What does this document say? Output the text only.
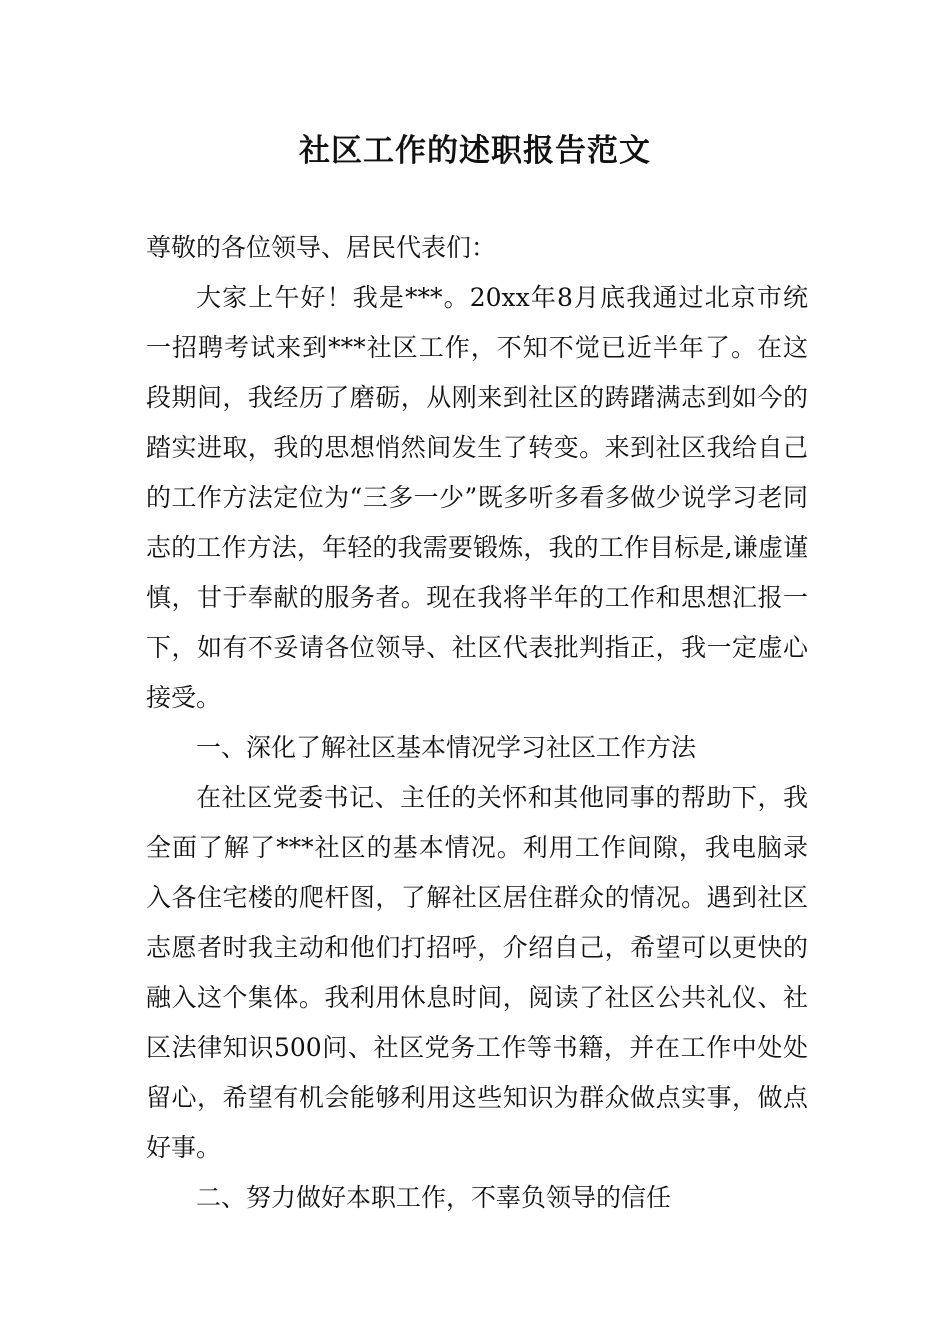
社区工作的述职报告范文

尊敬的各位领导、居民代表们：

大家上午好！我是***。20xx年8月底我通过北京市统一招聘考试来到***社区工作，不知不觉已近半年了。在这段期间，我经历了磨砺，从刚来到社区的踌躇满志到如今的踏实进取，我的思想悄然间发生了转变。来到社区我给自己的工作方法定位为“三多一少”既多听多看多做少说学习老同志的工作方法，年轻的我需要锻炼，我的工作目标是,谦虚谨慎，甘于奉献的服务者。现在我将半年的工作和思想汇报一下，如有不妥请各位领导、社区代表批判指正，我一定虚心接受。

一、深化了解社区基本情况学习社区工作方法

在社区党委书记、主任的关怀和其他同事的帮助下，我全面了解了***社区的基本情况。利用工作间隙，我电脑录入各住宅楼的爬杆图，了解社区居住群众的情况。遇到社区志愿者时我主动和他们打招呼，介绍自己，希望可以更快的融入这个集体。我利用休息时间，阅读了社区公共礼仪、社区法律知识500问、社区党务工作等书籍，并在工作中处处留心，希望有机会能够利用这些知识为群众做点实事，做点好事。

二、努力做好本职工作，不辜负领导的信任
